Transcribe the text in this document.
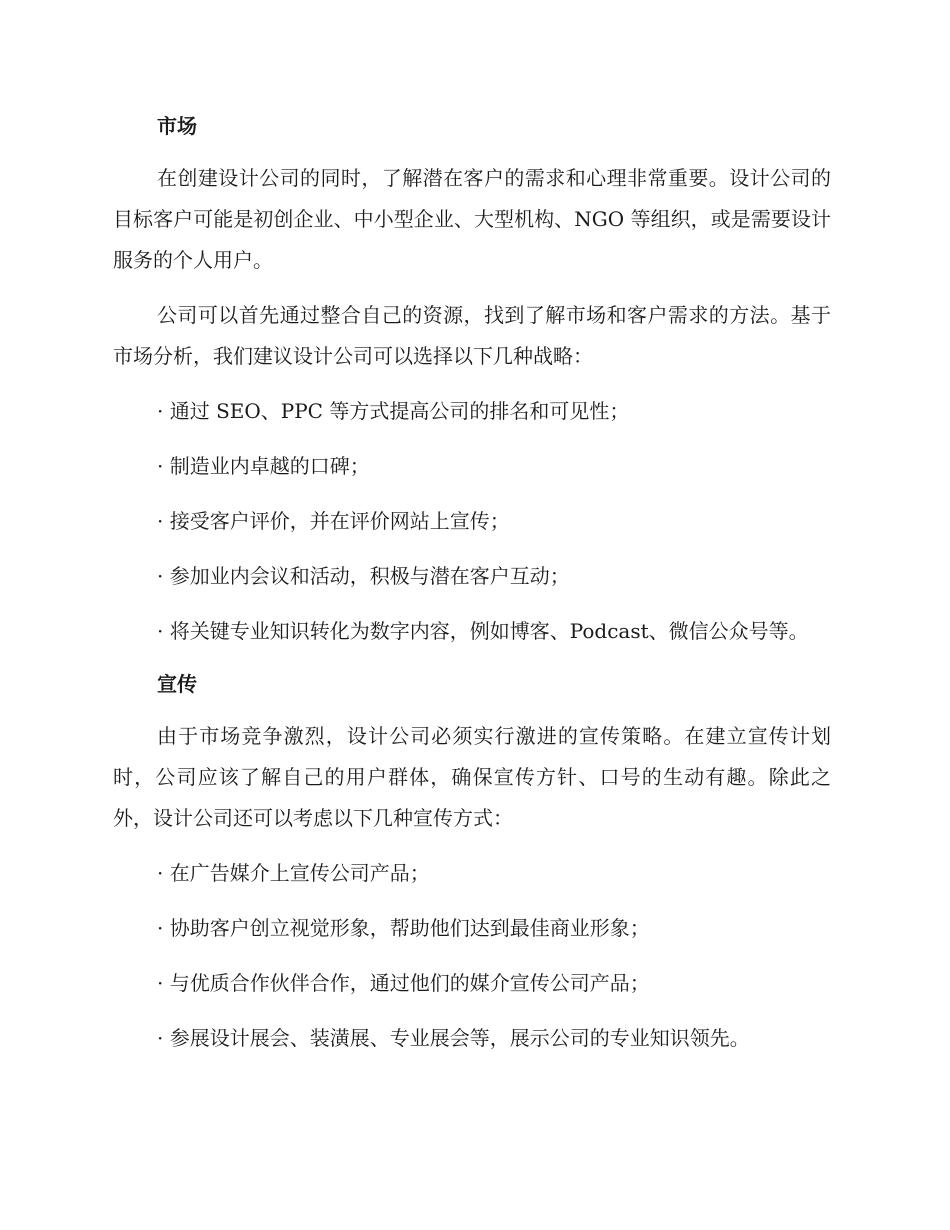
市场

在创建设计公司的同时，了解潜在客户的需求和心理非常重要。设计公司的目标客户可能是初创企业、中小型企业、大型机构、NGO 等组织，或是需要设计服务的个人用户。

公司可以首先通过整合自己的资源，找到了解市场和客户需求的方法。基于市场分析，我们建议设计公司可以选择以下几种战略：

· 通过 SEO、PPC 等方式提高公司的排名和可见性；

· 制造业内卓越的口碑；

· 接受客户评价，并在评价网站上宣传；

· 参加业内会议和活动，积极与潜在客户互动；

· 将关键专业知识转化为数字内容，例如博客、Podcast、微信公众号等。

宣传

由于市场竞争激烈，设计公司必须实行激进的宣传策略。在建立宣传计划时，公司应该了解自己的用户群体，确保宣传方针、口号的生动有趣。除此之外，设计公司还可以考虑以下几种宣传方式：

· 在广告媒介上宣传公司产品；

· 协助客户创立视觉形象，帮助他们达到最佳商业形象；

· 与优质合作伙伴合作，通过他们的媒介宣传公司产品；

· 参展设计展会、装潢展、专业展会等，展示公司的专业知识领先。
